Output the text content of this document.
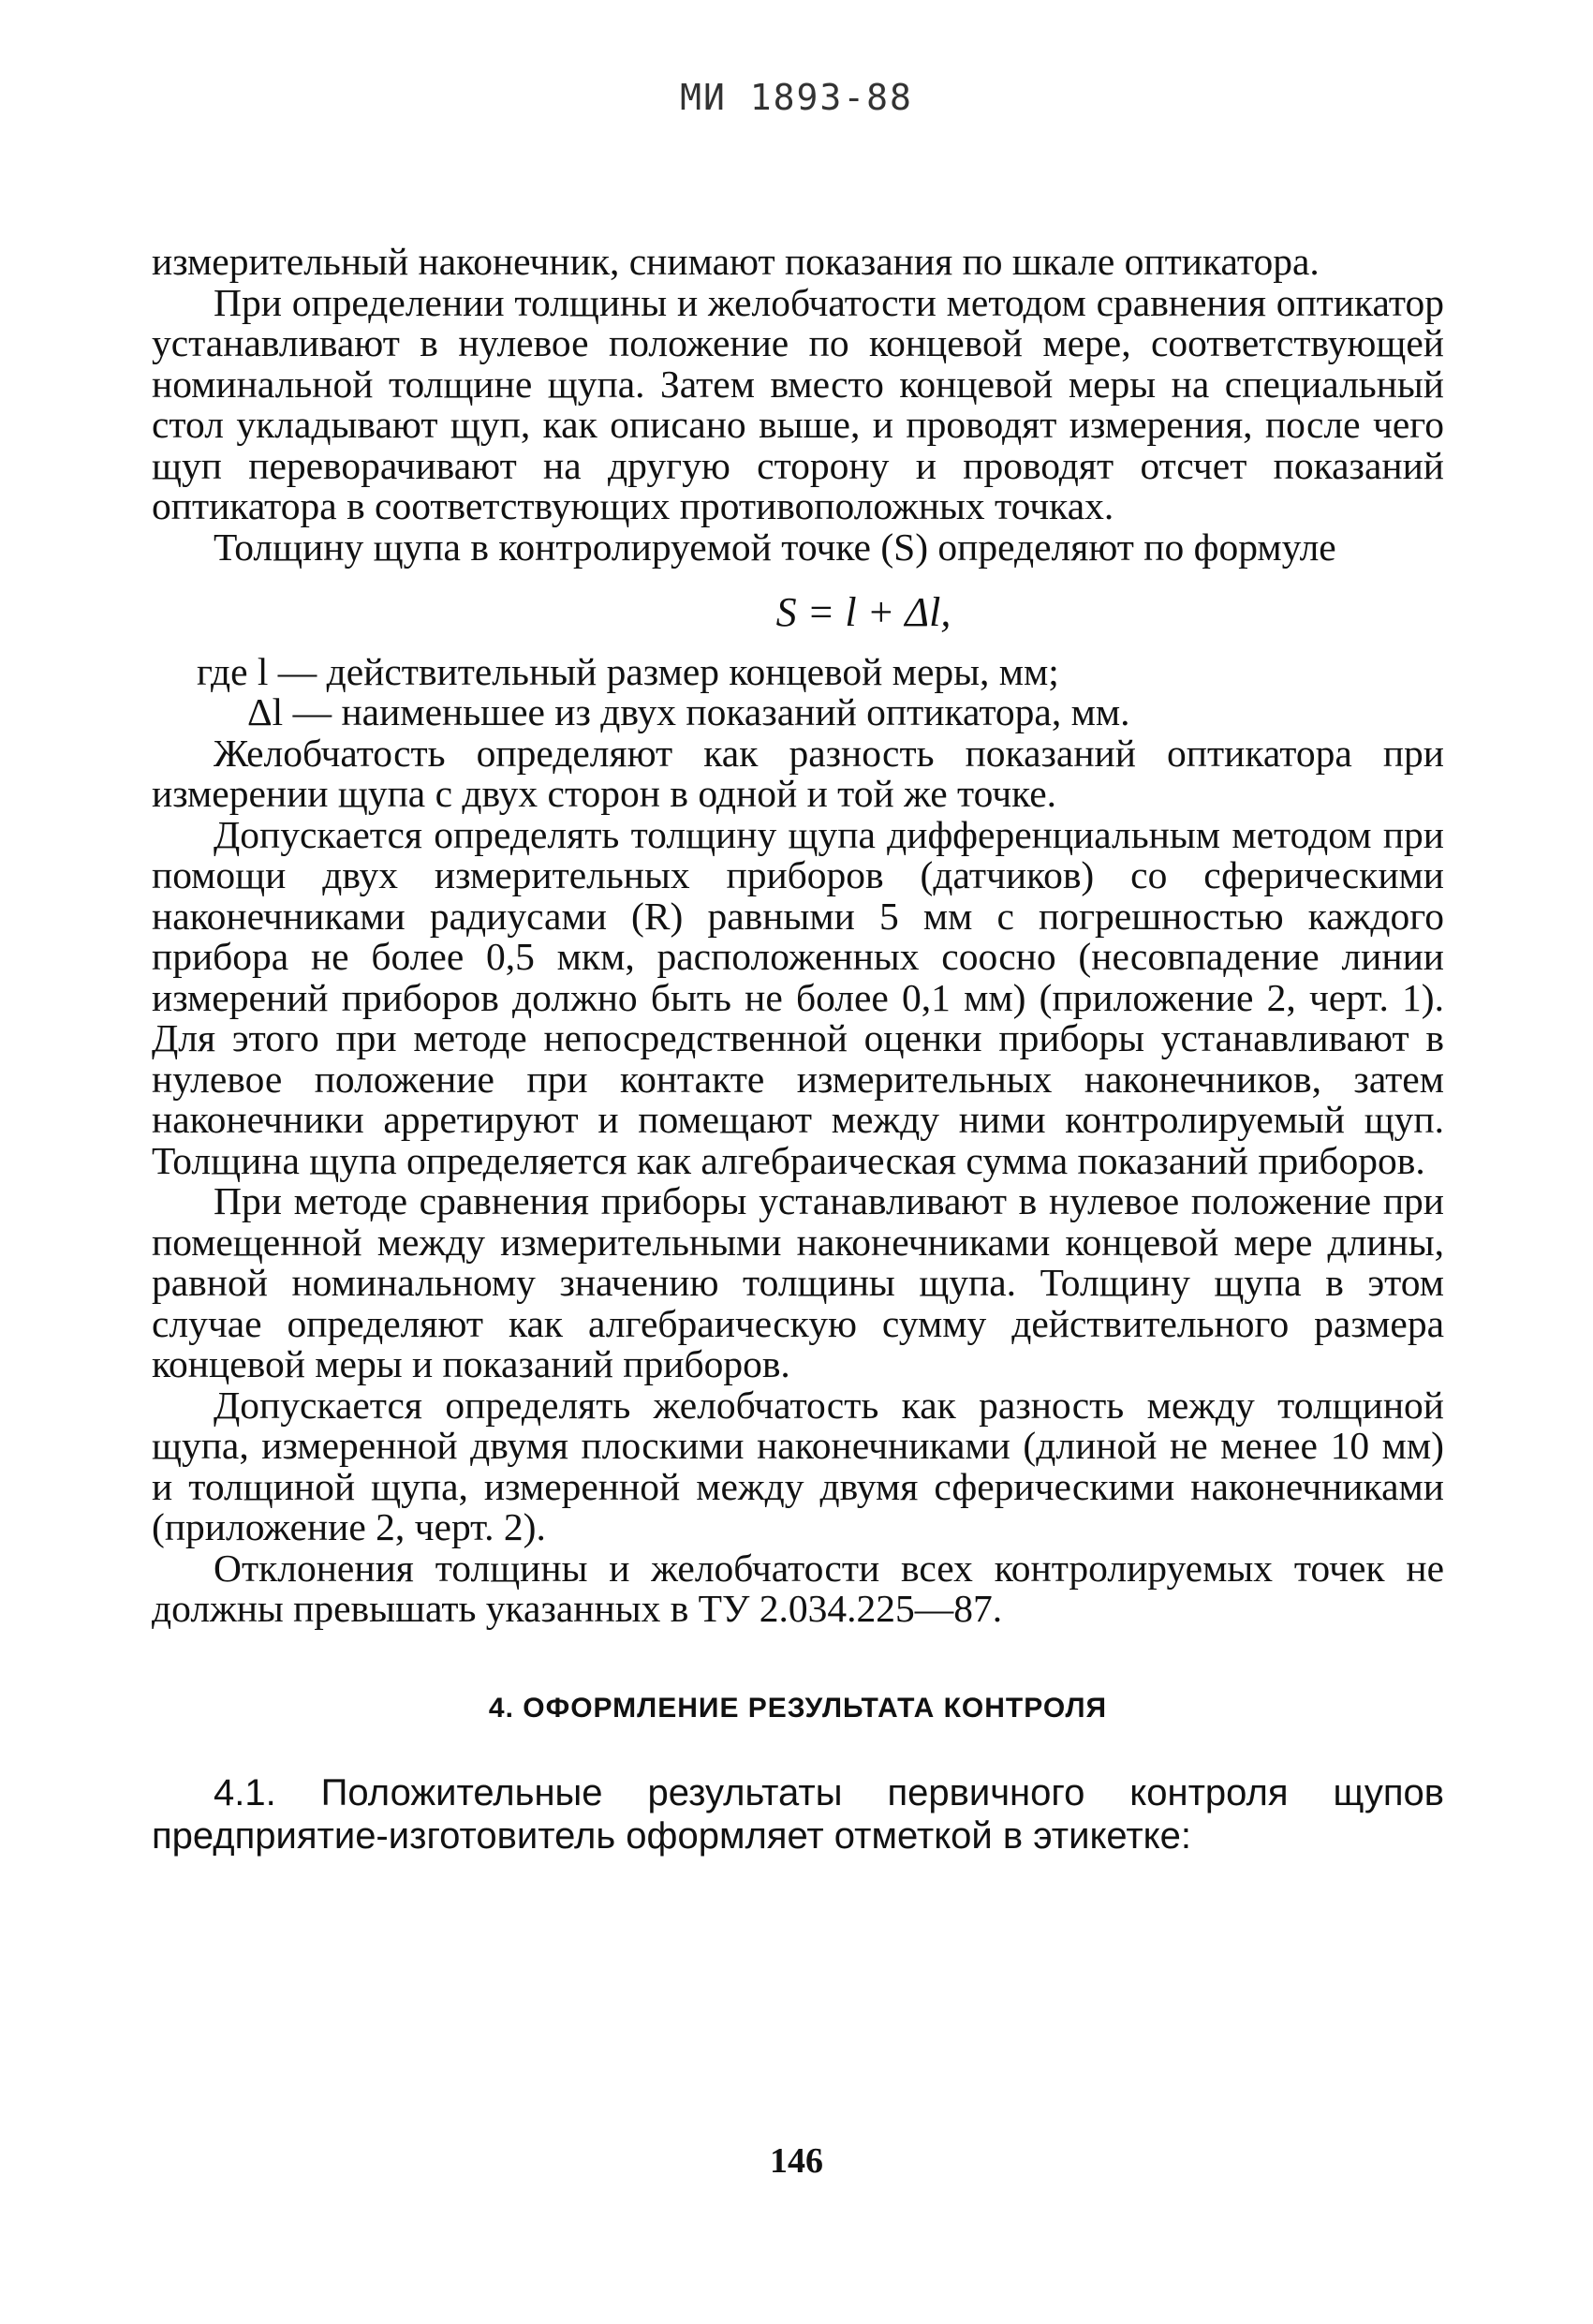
МИ 1893-88

измерительный наконечник, снимают показания по шкале оптикатора.

При определении толщины и желобчатости методом сравнения оптикатор устанавливают в нулевое положение по концевой мере, соответствующей номинальной толщине щупа. Затем вместо концевой меры на специальный стол укладывают щуп, как описано выше, и проводят измерения, после чего щуп переворачивают на другую сторону и проводят отсчет показаний оптикатора в соответствующих противоположных точках.

Толщину щупа в контролируемой точке (S) определяют по формуле

S = l + Δl,

где l — действительный размер концевой меры, мм;

Δl — наименьшее из двух показаний оптикатора, мм.

Желобчатость определяют как разность показаний оптикатора при измерении щупа с двух сторон в одной и той же точке.

Допускается определять толщину щупа дифференциальным методом при помощи двух измерительных приборов (датчиков) со сферическими наконечниками радиусами (R) равными 5 мм с погрешностью каждого прибора не более 0,5 мкм, расположенных соосно (несовпадение линии измерений приборов должно быть не более 0,1 мм) (приложение 2, черт. 1). Для этого при методе непосредственной оценки приборы устанавливают в нулевое положение при контакте измерительных наконечников, затем наконечники арретируют и помещают между ними контролируемый щуп. Толщина щупа определяется как алгебраическая сумма показаний приборов.

При методе сравнения приборы устанавливают в нулевое положение при помещенной между измерительными наконечниками концевой мере длины, равной номинальному значению толщины щупа. Толщину щупа в этом случае определяют как алгебраическую сумму действительного размера концевой меры и показаний приборов.

Допускается определять желобчатость как разность между толщиной щупа, измеренной двумя плоскими наконечниками (длиной не менее 10 мм) и толщиной щупа, измеренной между двумя сферическими наконечниками (приложение 2, черт. 2).

Отклонения толщины и желобчатости всех контролируемых точек не должны превышать указанных в ТУ 2.034.225—87.

4. ОФОРМЛЕНИЕ РЕЗУЛЬТАТА КОНТРОЛЯ

4.1. Положительные результаты первичного контроля щупов предприятие-изготовитель оформляет отметкой в этикетке:

146
